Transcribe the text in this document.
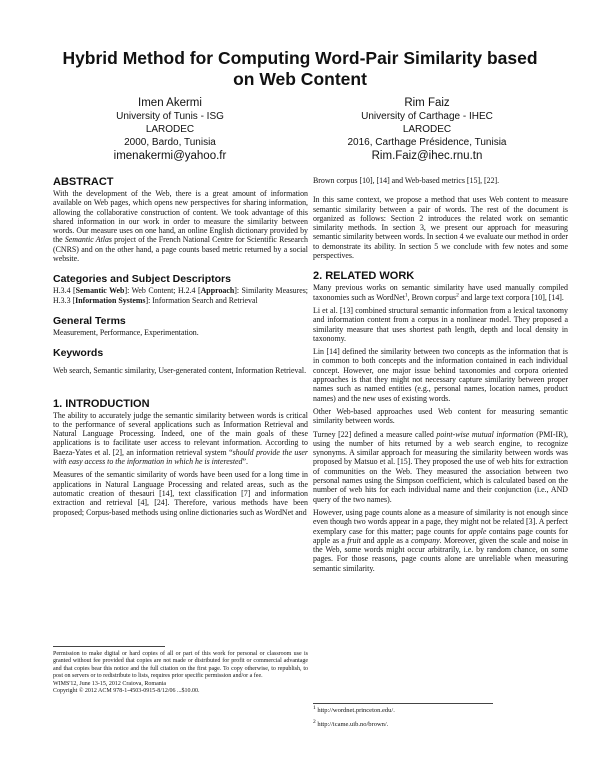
Hybrid Method for Computing Word-Pair Similarity based
on Web Content
Imen Akermi
University of Tunis - ISG
LARODEC
2000, Bardo, Tunisia
imenakermi@yahoo.fr
Rim Faiz
University of Carthage - IHEC
LARODEC
2016, Carthage Présidence, Tunisia
Rim.Faiz@ihec.rnu.tn
ABSTRACT

With the development of the Web, there is a great amount of information available on Web pages, which opens new perspectives for sharing information, allowing the collaborative construction of content. We took advantage of this shared information in our work in order to measure the similarity between words. Our measure uses on one hand, an online English dictionary provided by the Semantic Atlas project of the French National Centre for Scientific Research (CNRS) and on the other hand, a page counts based metric returned by a social website.

Categories and Subject Descriptors

H.3.4 [Semantic Web]: Web Content; H.2.4 [Approach]: Similarity Measures; H.3.3 [Information Systems]: Information Search and Retrieval

General Terms

Measurement, Performance, Experimentation.

Keywords

Web search, Semantic similarity, User-generated content, Information Retrieval.

1. INTRODUCTION

The ability to accurately judge the semantic similarity between words is critical to the performance of several applications such as Information Retrieval and Natural Language Processing. Indeed, one of the main goals of these applications is to facilitate user access to relevant information. According to Baeza-Yates et al. [2], an information retrieval system “should provide the user with easy access to the information in which he is interested”.

Measures of the semantic similarity of words have been used for a long time in applications in Natural Language Processing and related areas, such as the automatic creation of thesauri [14], text classification [7] and information extraction and retrieval [4], [24]. Therefore, various methods have been proposed; Corpus-based methods using online dictionaries such as WordNet and

Permission to make digital or hard copies of all or part of this work for personal or classroom use is granted without fee provided that copies are not made or distributed for profit or commercial advantage and that copies bear this notice and the full citation on the first page. To copy otherwise, to republish, to post on servers or to redistribute to lists, requires prior specific permission and/or a fee.
WIMS'12, June 13-15, 2012 Craiova, Romania
Copyright © 2012 ACM 978-1-4503-0915-8/12/06 ...$10.00.

Brown corpus [10], [14] and Web-based metrics [15], [22].

In this same context, we propose a method that uses Web content to measure semantic similarity between a pair of words. The rest of the document is organized as follows: Section 2 introduces the related work on semantic similarity methods. In section 3, we present our approach for measuring semantic similarity between words. In section 4 we evaluate our method in order to demonstrate its ability. In section 5 we conclude with few notes and some perspectives.

2. RELATED WORK

Many previous works on semantic similarity have used manually compiled taxonomies such as WordNet$^1$, Brown corpus$^2$ and large text corpora [10], [14].

Li et al. [13] combined structural semantic information from a lexical taxonomy and information content from a corpus in a nonlinear model. They proposed a similarity measure that uses shortest path length, depth and local density in taxonomy.

Lin [14] defined the similarity between two concepts as the information that is in common to both concepts and the information contained in each individual concept. However, one major issue behind taxonomies and corpora oriented approaches is that they might not necessary capture similarity between proper names such as named entities (e.g., personal names, location names, product names) and the new uses of existing words.

Other Web-based approaches used Web content for measuring semantic similarity between words.

Turney [22] defined a measure called point-wise mutual information (PMI-IR), using the number of hits returned by a web search engine, to recognize synonyms. A similar approach for measuring the similarity between words was proposed by Matsuo et al. [15]. They proposed the use of web hits for extraction of communities on the Web. They measured the association between two personal names using the Simpson coefficient, which is calculated based on the number of web hits for each individual name and their conjunction (i.e., AND query of the two names).

However, using page counts alone as a measure of similarity is not enough since even though two words appear in a page, they might not be related [3]. A perfect exemplary case for this matter; page counts for apple contains page counts for apple as a fruit and apple as a company. Moreover, given the scale and noise in the Web, some words might occur arbitrarily, i.e. by random chance, on some pages. For those reasons, page counts alone are unreliable when measuring semantic similarity.

$^1$ http://wordnet.princeton.edu/.

$^2$ http://icame.uib.no/brown/.
